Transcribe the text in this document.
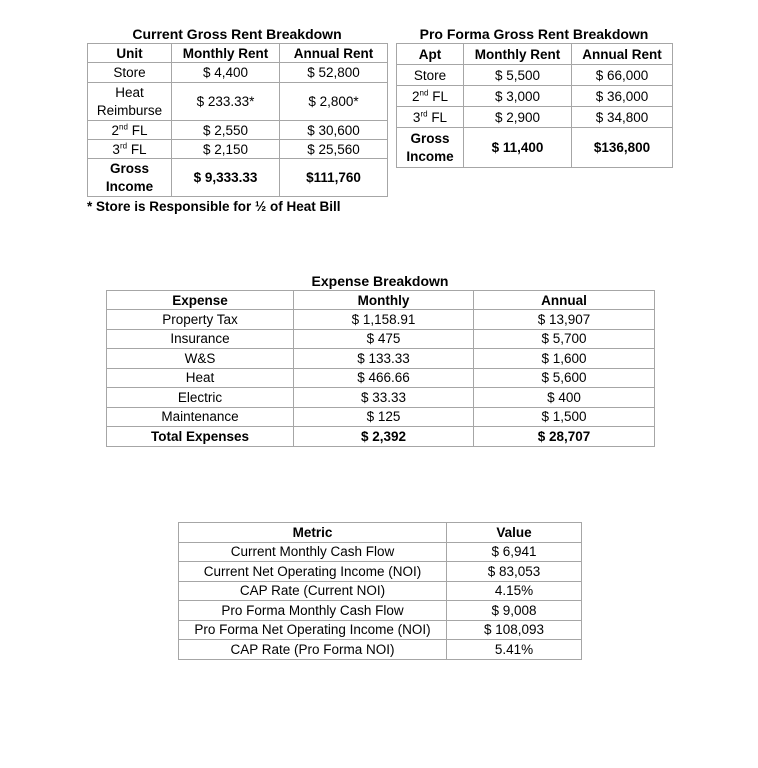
Current Gross Rent Breakdown
Unit	Monthly Rent	Annual Rent
Store	$ 4,400	$ 52,800
Heat
Reimburse	$ 233.33*	$ 2,800*
2nd FL	$ 2,550	$ 30,600
3rd FL	$ 2,150	$ 25,560
Gross
Income	$ 9,333.33	$111,760
* Store is Responsible for ½ of Heat Bill
Pro Forma Gross Rent Breakdown
Apt	Monthly Rent	Annual Rent
Store	$ 5,500	$ 66,000
2nd FL	$ 3,000	$ 36,000
3rd FL	$ 2,900	$ 34,800
Gross
Income	$ 11,400	$136,800
Expense Breakdown
Expense	Monthly	Annual
Property Tax	$ 1,158.91	$ 13,907
Insurance	$ 475	$ 5,700
W&S	$ 133.33	$ 1,600
Heat	$ 466.66	$ 5,600
Electric	$ 33.33	$ 400
Maintenance	$ 125	$ 1,500
Total Expenses	$ 2,392	$ 28,707
Metric	Value
Current Monthly Cash Flow	$ 6,941
Current Net Operating Income (NOI)	$ 83,053
CAP Rate (Current NOI)	4.15%
Pro Forma Monthly Cash Flow	$ 9,008
Pro Forma Net Operating Income (NOI)	$ 108,093
CAP Rate (Pro Forma NOI)	5.41%
